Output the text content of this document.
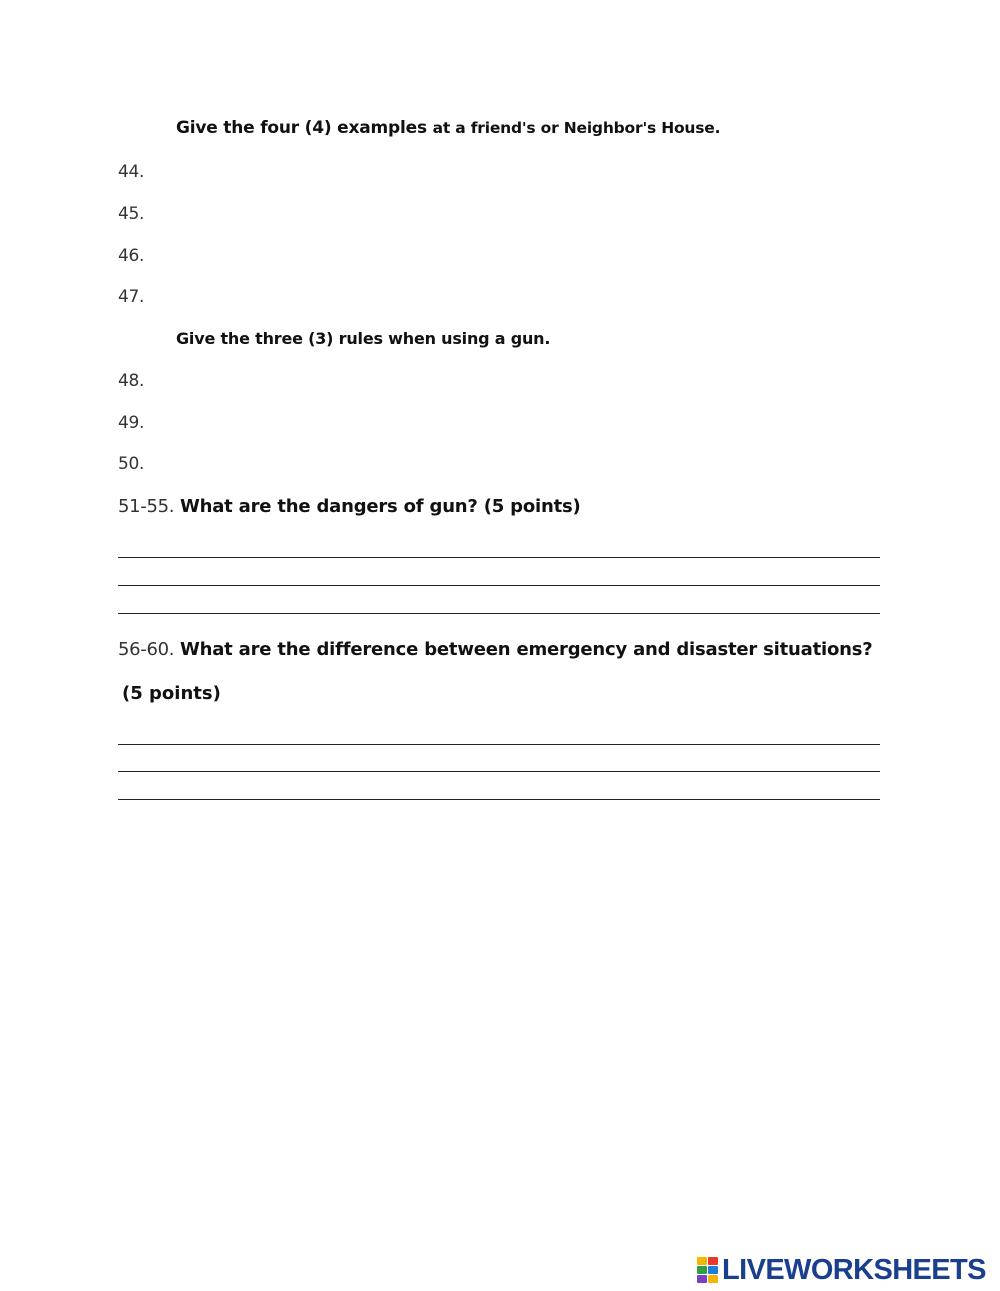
Give the four (4) examples at a friend's or Neighbor's House.
44.
45.
46.
47.
Give the three (3) rules when using a gun.
48.
49.
50.
51-55. What are the dangers of gun? (5 points)
56-60. What are the difference between emergency and disaster situations?
(5 points)
LIVEWORKSHEETS
